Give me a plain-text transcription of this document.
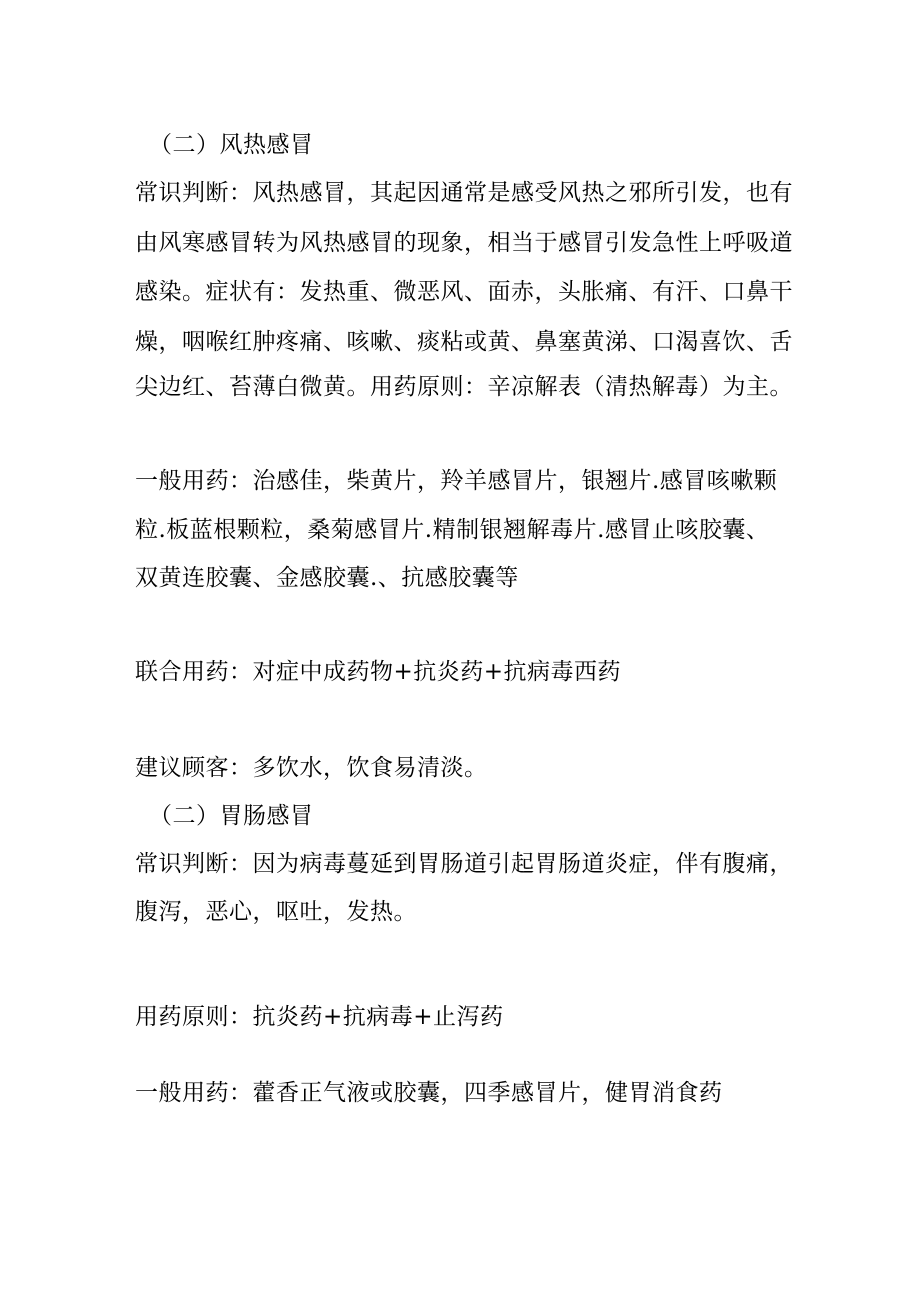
（二）风热感冒
常识判断：风热感冒，其起因通常是感受风热之邪所引发，也有
由风寒感冒转为风热感冒的现象，相当于感冒引发急性上呼吸道
感染。症状有：发热重、微恶风、面赤，头胀痛、有汗、口鼻干
燥，咽喉红肿疼痛、咳嗽、痰粘或黄、鼻塞黄涕、口渴喜饮、舌
尖边红、苔薄白微黄。用药原则：辛凉解表（清热解毒）为主。
一般用药：治感佳，柴黄片，羚羊感冒片，银翘片.感冒咳嗽颗
粒.板蓝根颗粒，桑菊感冒片.精制银翘解毒片.感冒止咳胶囊、
双黄连胶囊、金感胶囊.、抗感胶囊等
联合用药：对症中成药物+抗炎药+抗病毒西药
建议顾客：多饮水，饮食易清淡。
（二）胃肠感冒
常识判断：因为病毒蔓延到胃肠道引起胃肠道炎症，伴有腹痛，
腹泻，恶心，呕吐，发热。
用药原则：抗炎药+抗病毒+止泻药
一般用药：藿香正气液或胶囊，四季感冒片，健胃消食药
